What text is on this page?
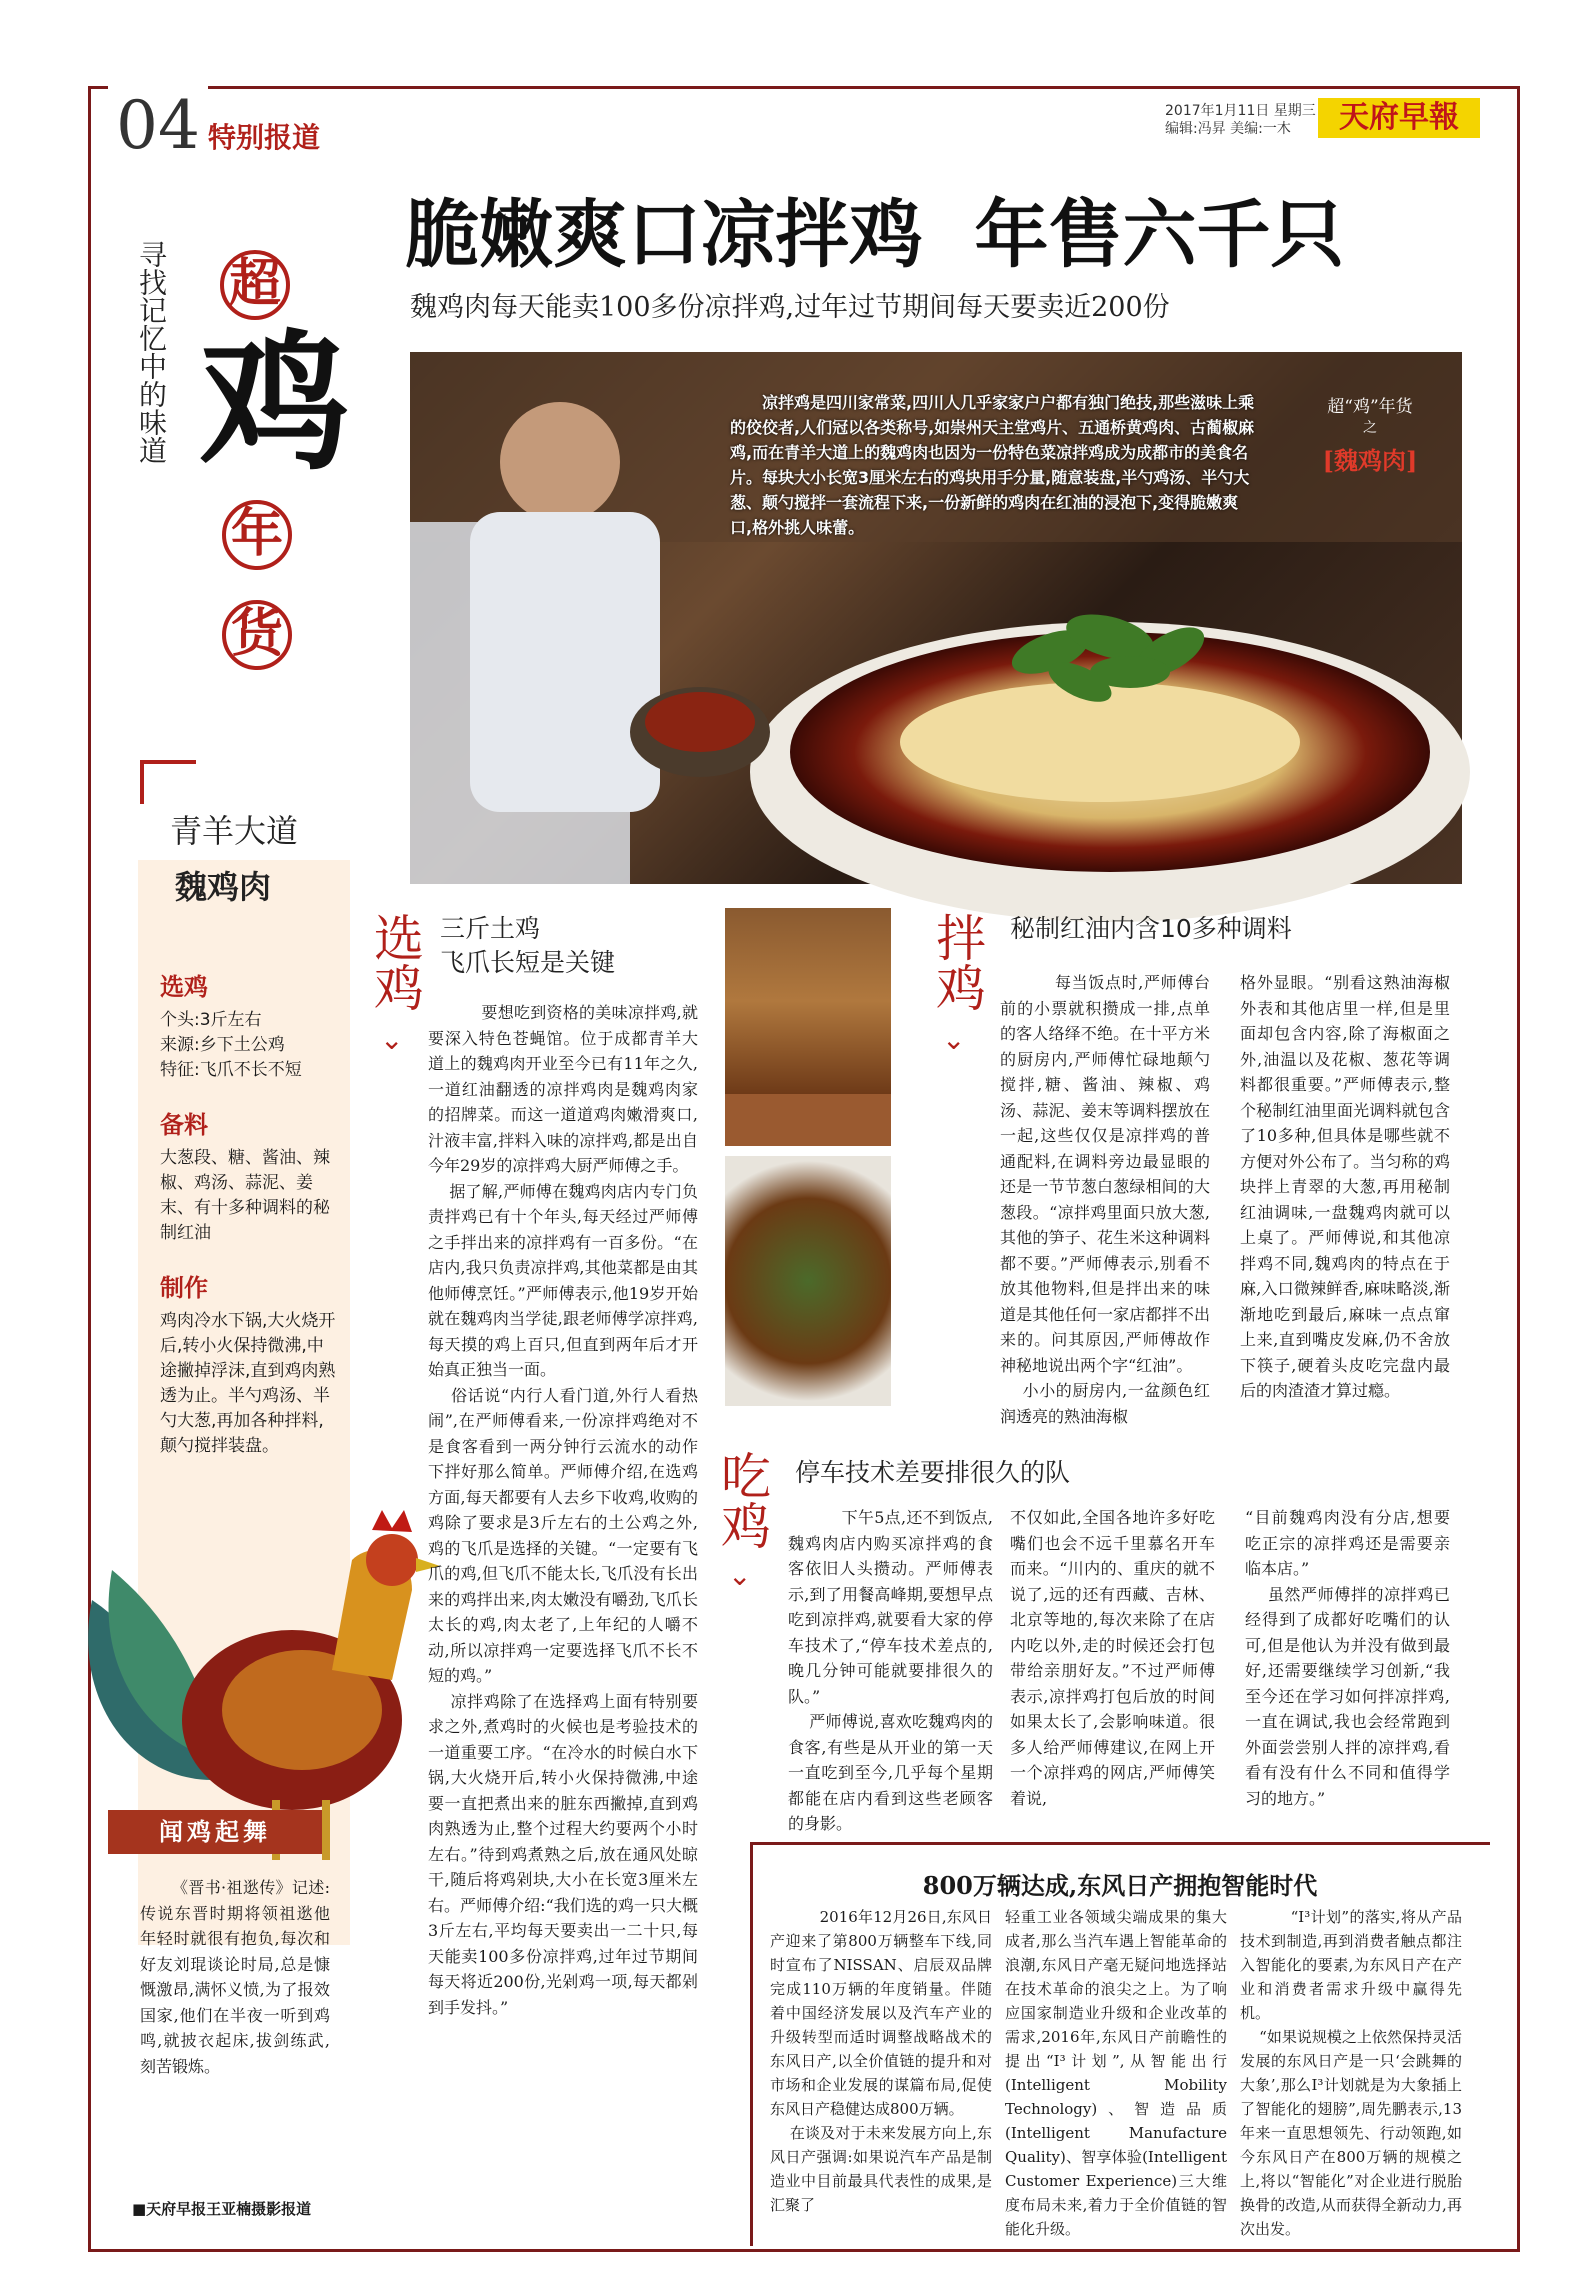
04 特别报道
2017年1月11日 星期三
编辑:冯昇 美编:一木	天府早報
寻找记忆中的味道 超
鸡
年
货
脆嫩爽口凉拌鸡  年售六千只
魏鸡肉每天能卖100多份凉拌鸡,过年过节期间每天要卖近200份
凉拌鸡是四川家常菜,四川人几乎家家户户都有独门绝技,那些滋味上乘的佼佼者,人们冠以各类称号,如崇州天主堂鸡片、五通桥黄鸡肉、古蔺椒麻鸡,而在青羊大道上的魏鸡肉也因为一份特色菜凉拌鸡成为成都市的美食名片。每块大小长宽3厘米左右的鸡块用手分量,随意装盘,半勺鸡汤、半勺大葱、颠勺搅拌一套流程下来,一份新鲜的鸡肉在红油的浸泡下,变得脆嫩爽口,格外挑人味蕾。
超“鸡”年货
之
[魏鸡肉]
青羊大道
魏鸡肉
选鸡

个头:3斤左右

来源:乡下土公鸡

特征:飞爪不长不短

备料

大葱段、糖、酱油、辣椒、鸡汤、蒜泥、姜末、有十多种调料的秘制红油

制作

鸡肉冷水下锅,大火烧开后,转小火保持微沸,中途撇掉浮沫,直到鸡肉熟透为止。半勺鸡汤、半勺大葱,再加各种拌料,颠勺搅拌装盘。

闻鸡起舞
《晋书·祖逖传》记述:传说东晋时期将领祖逖他年轻时就很有抱负,每次和好友刘琨谈论时局,总是慷慨激昂,满怀义愤,为了报效国家,他们在半夜一听到鸡鸣,就披衣起床,拔剑练武,刻苦锻炼。
■天府早报王亚楠摄影报道
选鸡
⌄
三斤土鸡
飞爪长短是关键
要想吃到资格的美味凉拌鸡,就要深入特色苍蝇馆。位于成都青羊大道上的魏鸡肉开业至今已有11年之久,一道红油翻透的凉拌鸡肉是魏鸡肉家的招牌菜。而这一道道鸡肉嫩滑爽口,汁液丰富,拌料入味的凉拌鸡,都是出自今年29岁的凉拌鸡大厨严师傅之手。
据了解,严师傅在魏鸡肉店内专门负责拌鸡已有十个年头,每天经过严师傅之手拌出来的凉拌鸡有一百多份。“在店内,我只负责凉拌鸡,其他菜都是由其他师傅烹饪。”严师傅表示,他19岁开始就在魏鸡肉当学徒,跟老师傅学凉拌鸡,每天摸的鸡上百只,但直到两年后才开始真正独当一面。
俗话说“内行人看门道,外行人看热闹”,在严师傅看来,一份凉拌鸡绝对不是食客看到一两分钟行云流水的动作下拌好那么简单。严师傅介绍,在选鸡方面,每天都要有人去乡下收鸡,收购的鸡除了要求是3斤左右的土公鸡之外,鸡的飞爪是选择的关键。“一定要有飞爪的鸡,但飞爪不能太长,飞爪没有长出来的鸡拌出来,肉太嫩没有嚼劲,飞爪长太长的鸡,肉太老了,上年纪的人嚼不动,所以凉拌鸡一定要选择飞爪不长不短的鸡。”
凉拌鸡除了在选择鸡上面有特别要求之外,煮鸡时的火候也是考验技术的一道重要工序。“在冷水的时候白水下锅,大火烧开后,转小火保持微沸,中途要一直把煮出来的脏东西撇掉,直到鸡肉熟透为止,整个过程大约要两个小时左右。”待到鸡煮熟之后,放在通风处晾干,随后将鸡剁块,大小在长宽3厘米左右。严师傅介绍:“我们选的鸡一只大概3斤左右,平均每天要卖出一二十只,每天能卖100多份凉拌鸡,过年过节期间每天将近200份,光剁鸡一项,每天都剁到手发抖。”
拌鸡
⌄
秘制红油内含10多种调料
每当饭点时,严师傅台前的小票就积攒成一排,点单的客人络绎不绝。在十平方米的厨房内,严师傅忙碌地颠勺搅拌,糖、酱油、辣椒、鸡汤、蒜泥、姜末等调料摆放在一起,这些仅仅是凉拌鸡的普通配料,在调料旁边最显眼的还是一节节葱白葱绿相间的大葱段。“凉拌鸡里面只放大葱,其他的笋子、花生米这种调料都不要。”严师傅表示,别看不放其他物料,但是拌出来的味道是其他任何一家店都拌不出来的。问其原因,严师傅故作神秘地说出两个字“红油”。
小小的厨房内,一盆颜色红润透亮的熟油海椒
格外显眼。“别看这熟油海椒外表和其他店里一样,但是里面却包含内容,除了海椒面之外,油温以及花椒、葱花等调料都很重要。”严师傅表示,整个秘制红油里面光调料就包含了10多种,但具体是哪些就不方便对外公布了。当匀称的鸡块拌上青翠的大葱,再用秘制红油调味,一盘魏鸡肉就可以上桌了。严师傅说,和其他凉拌鸡不同,魏鸡肉的特点在于麻,入口微辣鲜香,麻味略淡,渐渐地吃到最后,麻味一点点窜上来,直到嘴皮发麻,仍不舍放下筷子,硬着头皮吃完盘内最后的肉渣渣才算过瘾。
吃鸡
⌄
停车技术差要排很久的队
下午5点,还不到饭点,魏鸡肉店内购买凉拌鸡的食客依旧人头攒动。严师傅表示,到了用餐高峰期,要想早点吃到凉拌鸡,就要看大家的停车技术了,“停车技术差点的,晚几分钟可能就要排很久的队。”
严师傅说,喜欢吃魏鸡肉的食客,有些是从开业的第一天一直吃到至今,几乎每个星期都能在店内看到这些老顾客的身影。
不仅如此,全国各地许多好吃嘴们也会不远千里慕名开车而来。“川内的、重庆的就不说了,远的还有西藏、吉林、北京等地的,每次来除了在店内吃以外,走的时候还会打包带给亲朋好友。”不过严师傅表示,凉拌鸡打包后放的时间如果太长了,会影响味道。很多人给严师傅建议,在网上开一个凉拌鸡的网店,严师傅笑着说,
“目前魏鸡肉没有分店,想要吃正宗的凉拌鸡还是需要亲临本店。”
虽然严师傅拌的凉拌鸡已经得到了成都好吃嘴们的认可,但是他认为并没有做到最好,还需要继续学习创新,“我至今还在学习如何拌凉拌鸡,一直在调试,我也会经常跑到外面尝尝别人拌的凉拌鸡,看看有没有什么不同和值得学习的地方。”
800万辆达成,东风日产拥抱智能时代
2016年12月26日,东风日产迎来了第800万辆整车下线,同时宣布了NISSAN、启辰双品牌完成110万辆的年度销量。伴随着中国经济发展以及汽车产业的升级转型而适时调整战略战术的东风日产,以全价值链的提升和对市场和企业发展的谋篇布局,促使东风日产稳健达成800万辆。
在谈及对于未来发展方向上,东风日产强调:如果说汽车产品是制造业中目前最具代表性的成果,是汇聚了
轻重工业各领域尖端成果的集大成者,那么当汽车遇上智能革命的浪潮,东风日产毫无疑问地选择站在技术革命的浪尖之上。为了响应国家制造业升级和企业改革的需求,2016年,东风日产前瞻性的提出“I³计划”,从智能出行(Intelligent Mobility Technology)、智造品质(Intelligent Manufacture Quality)、智享体验(Intelligent Customer Experience)三大维度布局未来,着力于全价值链的智能化升级。
“I³计划”的落实,将从产品技术到制造,再到消费者触点都注入智能化的要素,为东风日产在产业和消费者需求升级中赢得先机。
“如果说规模之上依然保持灵活发展的东风日产是一只‘会跳舞的大象’,那么I³计划就是为大象插上了智能化的翅膀”,周先鹏表示,13年来一直思想领先、行动领跑,如今东风日产在800万辆的规模之上,将以“智能化”对企业进行脱胎换骨的改造,从而获得全新动力,再次出发。
